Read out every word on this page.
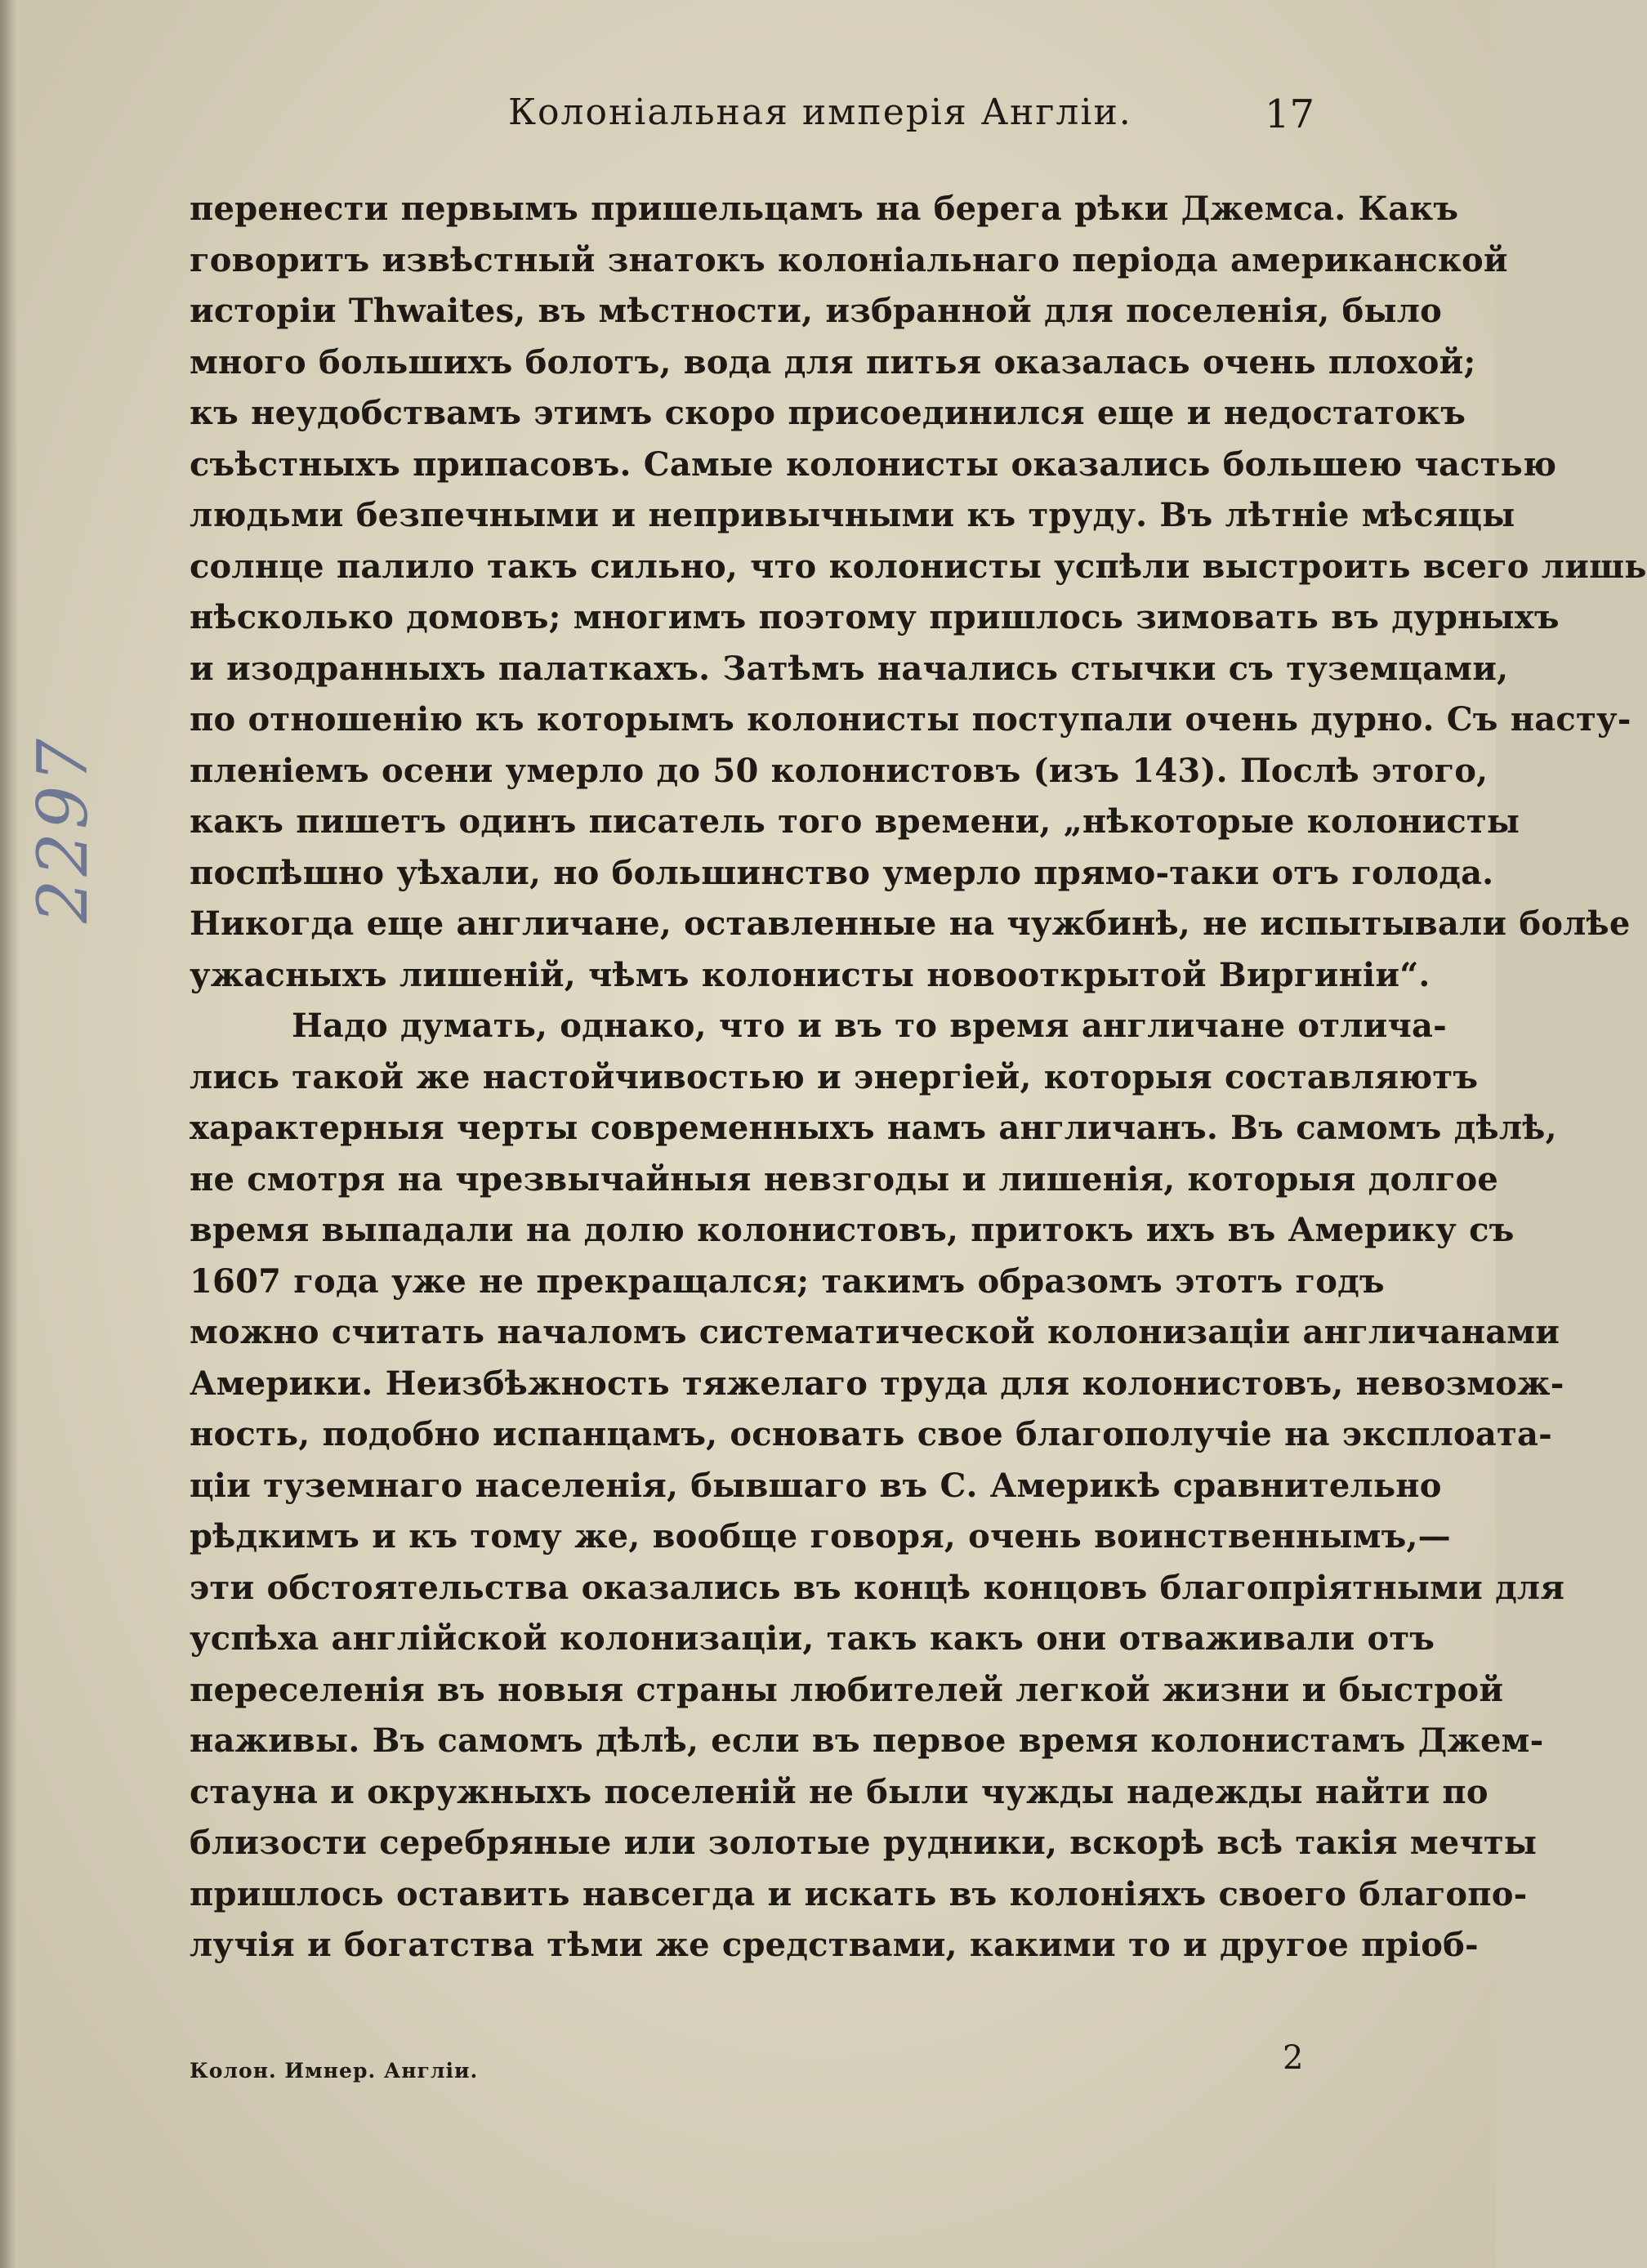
Колоніальная имперія Англіи.	17
2297
перенести первымъ пришельцамъ на берега рѣки Джемса. Какъ
говоритъ извѣстный знатокъ колоніальнаго періода американской
исторіи Thwaites, въ мѣстности, избранной для поселенія, было
много большихъ болотъ, вода для питья оказалась очень плохой;
къ неудобствамъ этимъ скоро присоединился еще и недостатокъ
съѣстныхъ припасовъ. Самые колонисты оказались большею частью
людьми безпечными и непривычными къ труду. Въ лѣтніе мѣсяцы
солнце палило такъ сильно, что колонисты успѣли выстроить всего лишь
нѣсколько домовъ; многимъ поэтому пришлось зимовать въ дурныхъ
и изодранныхъ палаткахъ. Затѣмъ начались стычки съ туземцами,
по отношенію къ которымъ колонисты поступали очень дурно. Съ насту-
пленіемъ осени умерло до 50 колонистовъ (изъ 143). Послѣ этого,
какъ пишетъ одинъ писатель того времени, „нѣкоторые колонисты
поспѣшно уѣхали, но большинство умерло прямо-таки отъ голода.
Никогда еще англичане, оставленные на чужбинѣ, не испытывали болѣе
ужасныхъ лишеній, чѣмъ колонисты новооткрытой Виргиніи“.
Надо думать, однако, что и въ то время англичане отлича-
лись такой же настойчивостью и энергіей, которыя составляютъ
характерныя черты современныхъ намъ англичанъ. Въ самомъ дѣлѣ,
не смотря на чрезвычайныя невзгоды и лишенія, которыя долгое
время выпадали на долю колонистовъ, притокъ ихъ въ Америку съ
1607 года уже не прекращался; такимъ образомъ этотъ годъ
можно считать началомъ систематической колонизаціи англичанами
Америки. Неизбѣжность тяжелаго труда для колонистовъ, невозмож-
ность, подобно испанцамъ, основать свое благополучіе на эксплоата-
ціи туземнаго населенія, бывшаго въ С. Америкѣ сравнительно
рѣдкимъ и къ тому же, вообще говоря, очень воинственнымъ,—
эти обстоятельства оказались въ концѣ концовъ благопріятными для
успѣха англійской колонизаціи, такъ какъ они отваживали отъ
переселенія въ новыя страны любителей легкой жизни и быстрой
наживы. Въ самомъ дѣлѣ, если въ первое время колонистамъ Джем-
стауна и окружныхъ поселеній не были чужды надежды найти по
близости серебряные или золотые рудники, вскорѣ всѣ такія мечты
пришлось оставить навсегда и искать въ колоніяхъ своего благопо-
лучія и богатства тѣми же средствами, какими то и другое пріоб-
Колон. Имнер. Англіи.	2
